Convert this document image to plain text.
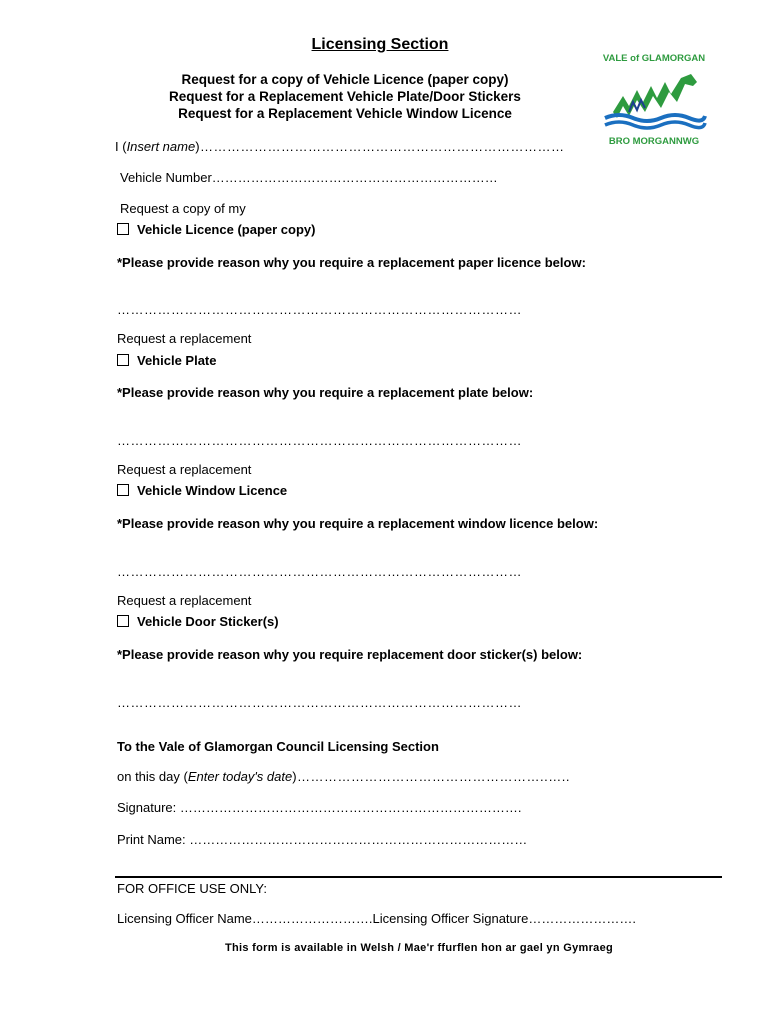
Licensing Section
Request for a copy of Vehicle Licence (paper copy)
Request for a Replacement Vehicle Plate/Door Stickers
Request for a Replacement Vehicle Window Licence
VALE of GLAMORGAN
BRO MORGANNWG
I (Insert name)………………………………………………………………………
Vehicle Number…………………………………………………………
Request a copy of my
Vehicle Licence (paper copy)
*Please provide reason why you require a replacement paper licence below:
………………………………………………………………………………
Request a replacement
Vehicle Plate
*Please provide reason why you require a replacement plate below:
………………………………………………………………………………
Request a replacement
Vehicle Window Licence
*Please provide reason why you require a replacement window licence below:
………………………………………………………………………………
Request a replacement
Vehicle Door Sticker(s)
*Please provide reason why you require replacement door sticker(s) below:
………………………………………………………………………………
To the Vale of Glamorgan Council Licensing Section
on this day (Enter today's date)………………………………………………..…..
Signature: …………………………………………………………………….
Print Name: ……………………………………………………………………
FOR OFFICE USE ONLY:
Licensing Officer Name……………………….Licensing Officer Signature…………………….
This form is available in Welsh / Mae'r ffurflen hon ar gael yn Gymraeg
